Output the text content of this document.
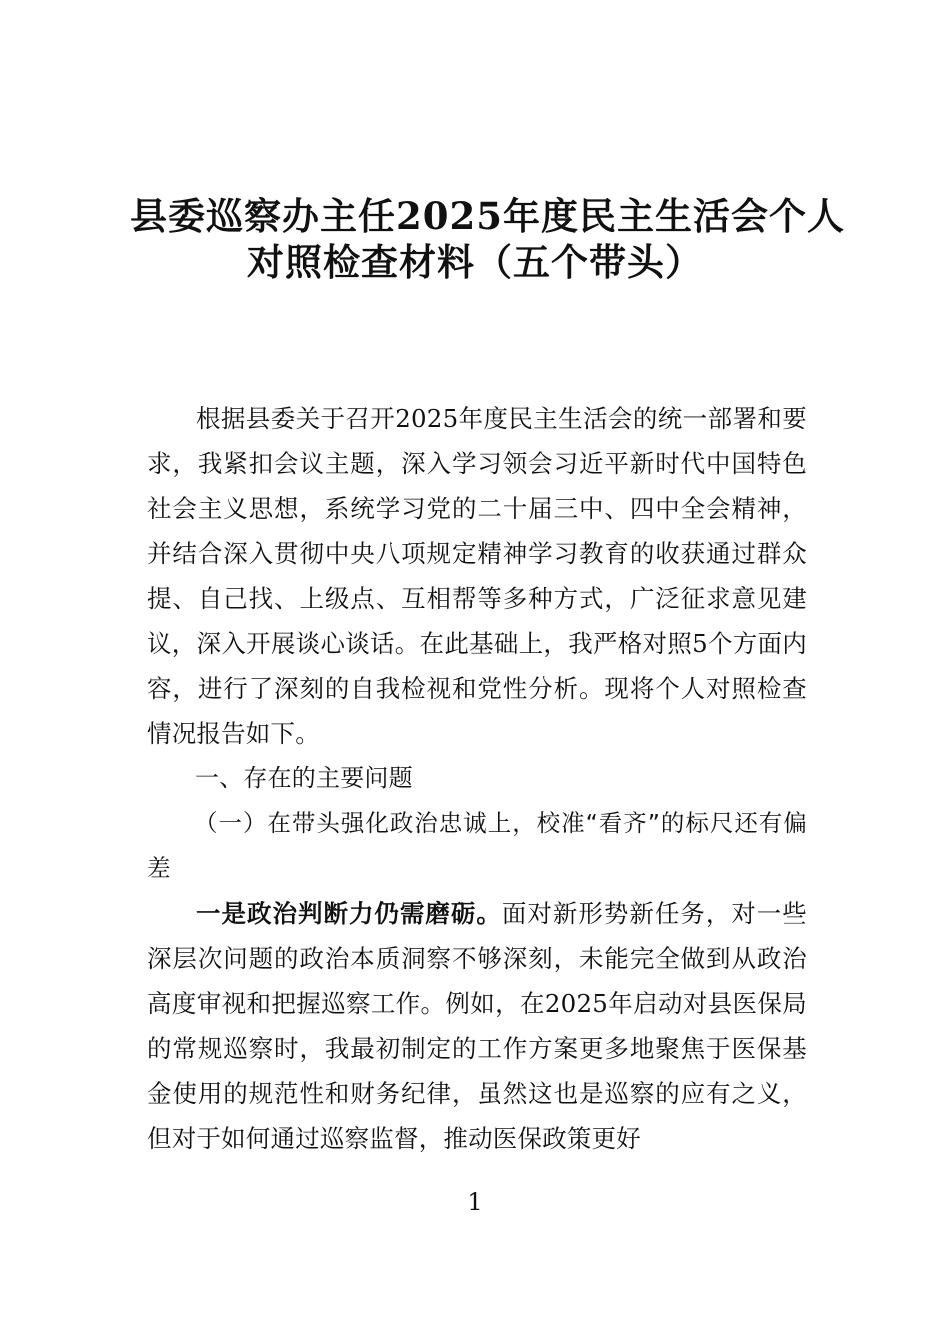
县委巡察办主任2025年度民主生活会个人
对照检查材料（五个带头）

根据县委关于召开2025年度民主生活会的统一部署和要求，我紧扣会议主题，深入学习领会习近平新时代中国特色社会主义思想，系统学习党的二十届三中、四中全会精神，并结合深入贯彻中央八项规定精神学习教育的收获通过群众提、自己找、上级点、互相帮等多种方式，广泛征求意见建议，深入开展谈心谈话。在此基础上，我严格对照5个方面内容，进行了深刻的自我检视和党性分析。现将个人对照检查情况报告如下。

一、存在的主要问题

（一）在带头强化政治忠诚上，校准“看齐”的标尺还有偏差

一是政治判断力仍需磨砺。面对新形势新任务，对一些深层次问题的政治本质洞察不够深刻，未能完全做到从政治高度审视和把握巡察工作。例如，在2025年启动对县医保局的常规巡察时，我最初制定的工作方案更多地聚焦于医保基金使用的规范性和财务纪律，虽然这也是巡察的应有之义，但对于如何通过巡察监督，推动医保政策更好

1
